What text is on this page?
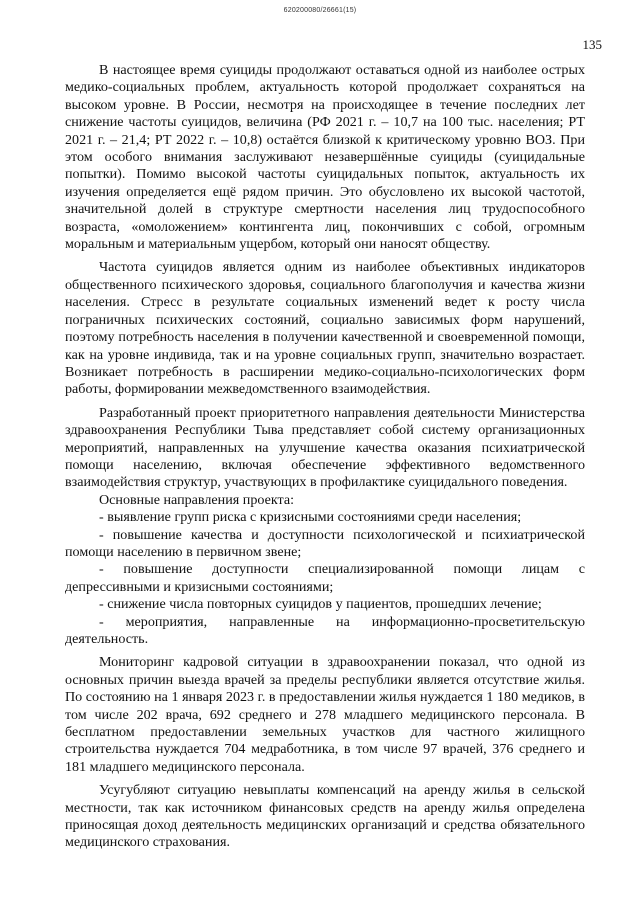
620200080/26661(15)
135

В настоящее время суициды продолжают оставаться одной из наиболее острых медико-социальных проблем, актуальность которой продолжает сохраняться на высоком уровне. В России, несмотря на происходящее в течение последних лет снижение частоты суицидов, величина (РФ 2021 г. – 10,7 на 100 тыс. населения; РТ 2021 г. – 21,4; РТ 2022 г. – 10,8) остаётся близкой к критическому уровню ВОЗ. При этом особого внимания заслуживают незавершённые суициды (суицидальные попытки). Помимо высокой частоты суицидальных попыток, актуальность их изучения определяется ещё рядом причин. Это обусловлено их высокой частотой, значительной долей в структуре смертности населения лиц трудоспособного возраста, «омоложением» контингента лиц, покончивших с собой, огромным моральным и материальным ущербом, который они наносят обществу.

Частота суицидов является одним из наиболее объективных индикаторов общественного психического здоровья, социального благополучия и качества жизни населения. Стресс в результате социальных изменений ведет к росту числа пограничных психических состояний, социально зависимых форм нарушений, поэтому потребность населения в получении качественной и своевременной помощи, как на уровне индивида, так и на уровне социальных групп, значительно возрастает. Возникает потребность в расширении медико-социально-психологических форм работы, формировании межведомственного взаимодействия.

Разработанный проект приоритетного направления деятельности Министерства здравоохранения Республики Тыва представляет собой систему организационных мероприятий, направленных на улучшение качества оказания психиатрической помощи населению, включая обеспечение эффективного ведомственного взаимодействия структур, участвующих в профилактике суицидального поведения.

Основные направления проекта:

- выявление групп риска с кризисными состояниями среди населения;
- повышение качества и доступности психологической и психиатрической помощи населению в первичном звене;
- повышение доступности специализированной помощи лицам с депрессивными и кризисными состояниями;
- снижение числа повторных суицидов у пациентов, прошедших лечение;
- мероприятия, направленные на информационно-просветительскую деятельность.

Мониторинг кадровой ситуации в здравоохранении показал, что одной из основных причин выезда врачей за пределы республики является отсутствие жилья. По состоянию на 1 января 2023 г. в предоставлении жилья нуждается 1 180 медиков, в том числе 202 врача, 692 среднего и 278 младшего медицинского персонала. В бесплатном предоставлении земельных участков для частного жилищного строительства нуждается 704 медработника, в том числе 97 врачей, 376 среднего и 181 младшего медицинского персонала.

Усугубляют ситуацию невыплаты компенсаций на аренду жилья в сельской местности, так как источником финансовых средств на аренду жилья определена приносящая доход деятельность медицинских организаций и средства обязательного медицинского страхования.
